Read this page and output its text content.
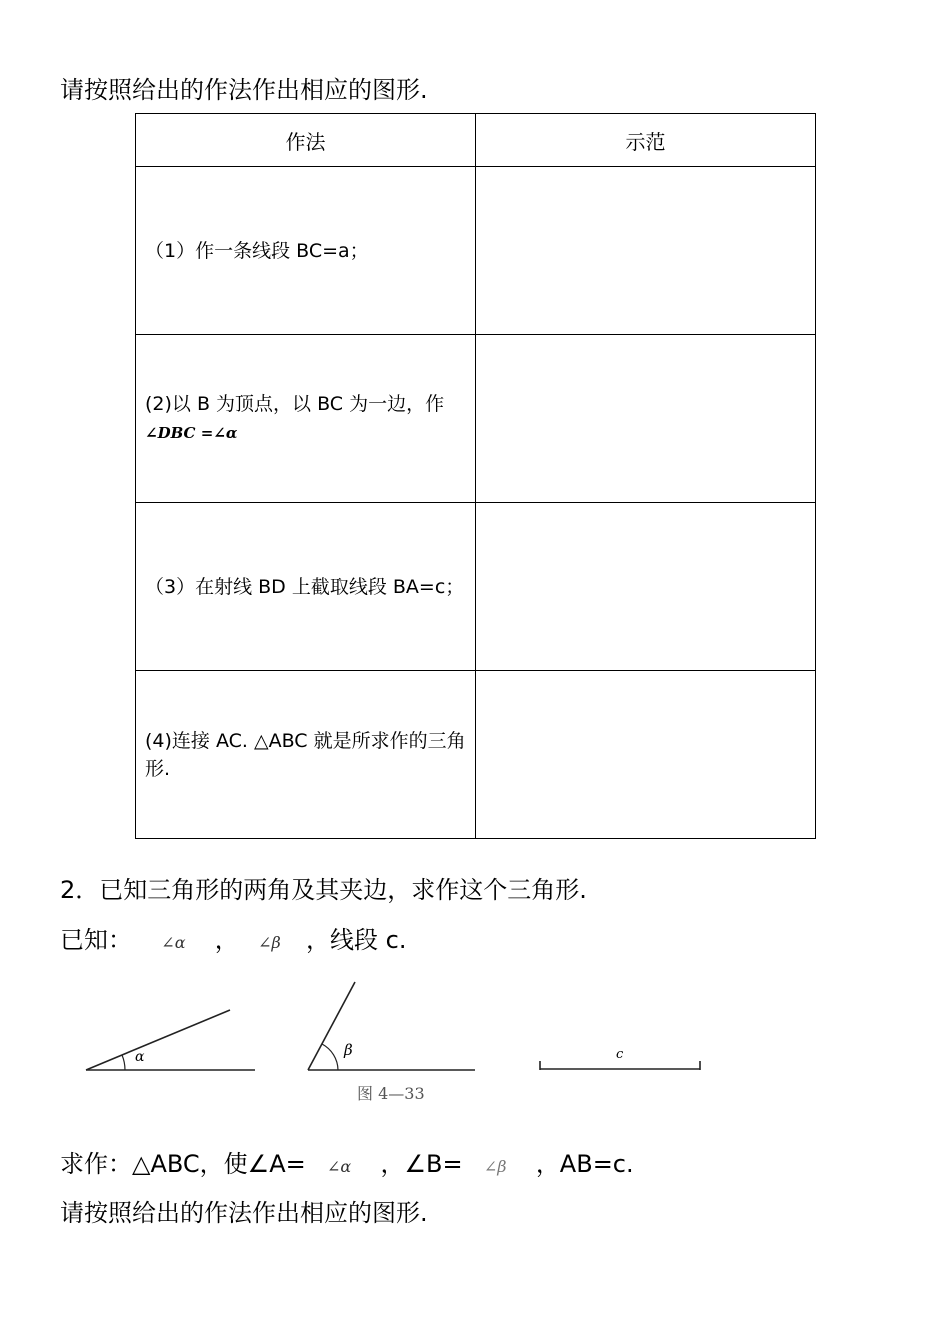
请按照给出的作法作出相应的图形.
作法	示范
（1）作一条线段 BC=a；	
(2)以 B 为顶点，以 BC 为一边，作
∠DBC =∠α	
（3）在射线 BD 上截取线段 BA=c；	
(4)连接 AC. △ABC 就是所求作的三角形.	
2．已知三角形的两角及其夹边，求作这个三角形.
已知： ∠α ， ∠β ，线段 c.
α	β	c
图 4—33
求作：△ABC，使∠A= ∠α ，∠B= ∠β ，AB=c.
请按照给出的作法作出相应的图形.
